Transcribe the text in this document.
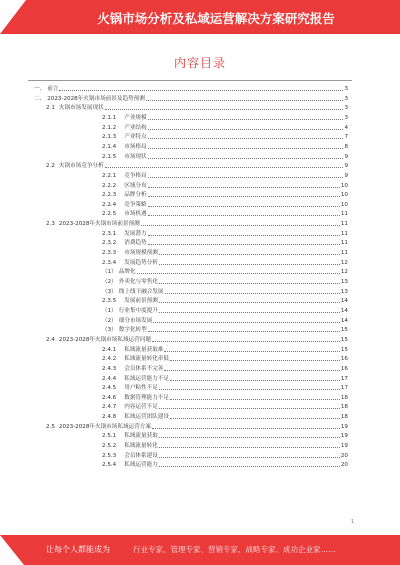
火锅市场分析及私域运营解决方案研究报告
内容目录
一、 前言	3
二、 2023-2028年火锅市场前景及趋势预测	3
2.1 火锅市场发展现状	3
2.1.1 产业规模	3
2.1.2 产业结构	4
2.1.3 产业特点	7
2.1.4 市场格局	8
2.1.5 市场现状	9
2.2 火锅市场竞争分析	9
2.2.1 竞争格局	9
2.2.2 区域分布	10
2.2.3 品牌分析	10
2.2.4 竞争策略	10
2.2.5 市场机遇	11
2.3 2023-2028年火锅市场前景预测	11
2.3.1 发展潜力	11
2.3.2 消费趋势	11
2.3.3 市场规模预测	11
2.3.4 发展趋势分析	12
（1） 品牌化	12
（2） 外卖化与零售化	13
（3） 线上线下融合发展	13
2.3.5 发展前景预测	14
（1） 行业集中度提升	14
（2） 细分市场发展	14
（3） 数字化转型	15
2.4 2023-2028年火锅市场私域运营问题	15
2.4.1 私域流量获取难	15
2.4.2 私域流量转化率低	16
2.4.3 会员体系不完善	16
2.4.4 私域运营能力不足	17
2.4.5 用户粘性不足	17
2.4.6 数据管理能力不足	18
2.4.7 内容运营不足	18
2.4.8 私域运营团队建设	18
2.5 2023-2028年火锅市场私域运营方案	19
2.5.1 私域流量获取	19
2.5.2 私域流量转化	19
2.5.3 会员体系建设	20
2.5.4 私域运营能力	20
1
让每个人都能成为	行业专家、管理专家、营销专家、战略专家、成功企业家……
